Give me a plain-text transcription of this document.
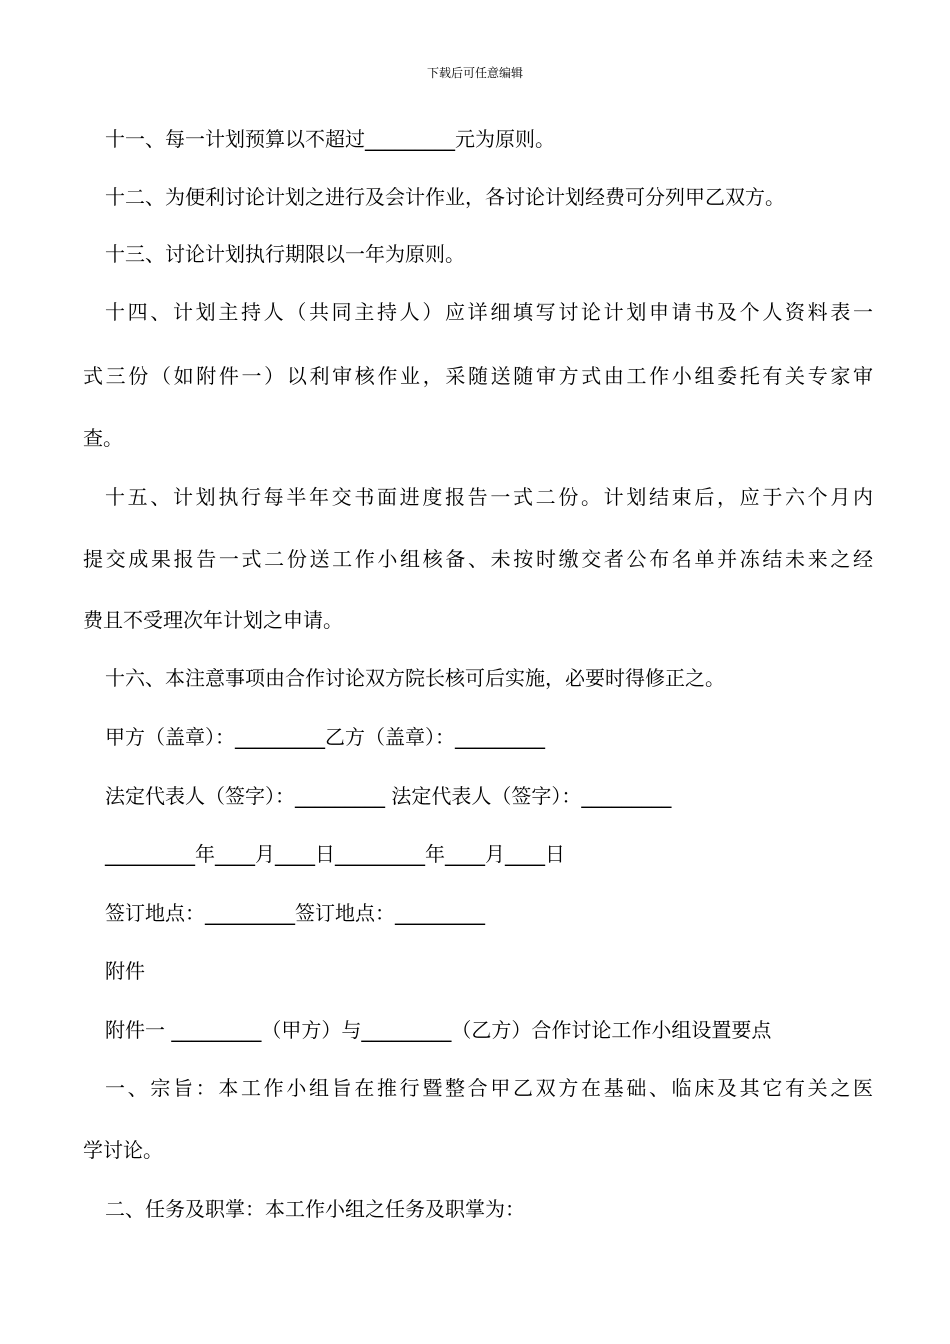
下载后可任意编辑
十一、每一计划预算以不超过_________元为原则。
十二、为便利讨论计划之进行及会计作业，各讨论计划经费可分列甲乙双方。
十三、讨论计划执行期限以一年为原则。
十四、计划主持人（共同主持人）应详细填写讨论计划申请书及个人资料表一
式三份（如附件一）以利审核作业，采随送随审方式由工作小组委托有关专家审
查。
十五、计划执行每半年交书面进度报告一式二份。计划结束后，应于六个月内
提交成果报告一式二份送工作小组核备、未按时缴交者公布名单并冻结未来之经
费且不受理次年计划之申请。
十六、本注意事项由合作讨论双方院长核可后实施，必要时得修正之。
甲方（盖章）：_________乙方（盖章）：_________
法定代表人（签字）：_________ 法定代表人（签字）：_________
_________年____月____日_________年____月____日
签订地点：_________签订地点：_________
附件
附件一 _________（甲方）与_________（乙方）合作讨论工作小组设置要点
一、宗旨：本工作小组旨在推行暨整合甲乙双方在基础、临床及其它有关之医
学讨论。
二、任务及职掌：本工作小组之任务及职掌为：
